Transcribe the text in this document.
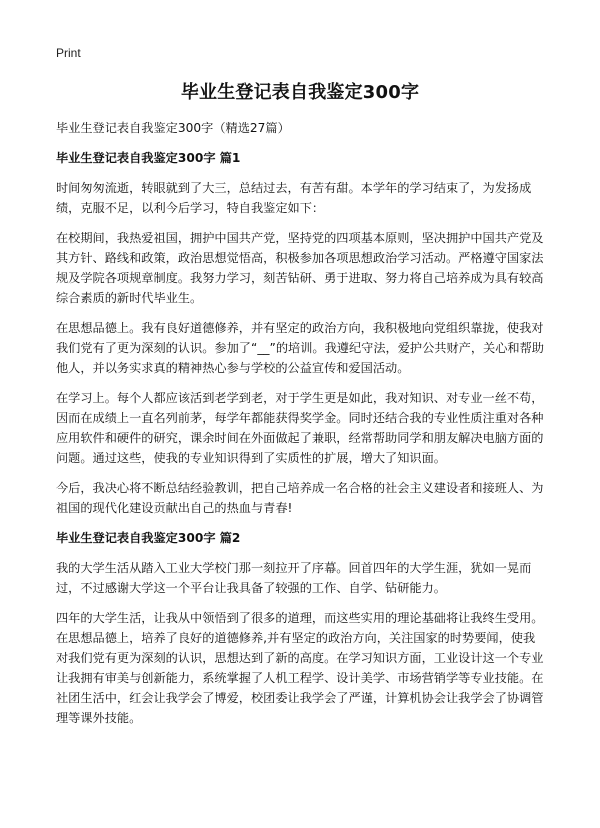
Print
毕业生登记表自我鉴定300字

毕业生登记表自我鉴定300字（精选27篇）

毕业生登记表自我鉴定300字 篇1

时间匆匆流逝，转眼就到了大三，总结过去，有苦有甜。本学年的学习结束了，为发扬成绩，克服不足，以利今后学习，特自我鉴定如下：

在校期间，我热爱祖国，拥护中国共产党，坚持党的四项基本原则，坚决拥护中国共产党及其方针、路线和政策，政治思想觉悟高，积极参加各项思想政治学习活动。严格遵守国家法规及学院各项规章制度。我努力学习，刻苦钻研、勇于进取、努力将自己培养成为具有较高综合素质的新时代毕业生。

在思想品德上。我有良好道德修养，并有坚定的政治方向，我积极地向党组织靠拢，使我对我们党有了更为深刻的认识。参加了“__”的培训。我遵纪守法，爱护公共财产，关心和帮助他人，并以务实求真的精神热心参与学校的公益宣传和爱国活动。

在学习上。每个人都应该活到老学到老，对于学生更是如此，我对知识、对专业一丝不苟，因而在成绩上一直名列前茅，每学年都能获得奖学金。同时还结合我的专业性质注重对各种应用软件和硬件的研究，课余时间在外面做起了兼职，经常帮助同学和朋友解决电脑方面的问题。通过这些，使我的专业知识得到了实质性的扩展，增大了知识面。

今后，我决心将不断总结经验教训，把自己培养成一名合格的社会主义建设者和接班人、为祖国的现代化建设贡献出自己的热血与青春!

毕业生登记表自我鉴定300字 篇2

我的大学生活从踏入工业大学校门那一刻拉开了序幕。回首四年的大学生涯，犹如一晃而过，不过感谢大学这一个平台让我具备了较强的工作、自学、钻研能力。

四年的大学生活，让我从中领悟到了很多的道理，而这些实用的理论基础将让我终生受用。在思想品德上，培养了良好的道德修养,并有坚定的政治方向，关注国家的时势要闻，使我对我们党有更为深刻的认识，思想达到了新的高度。在学习知识方面，工业设计这一个专业让我拥有审美与创新能力，系统掌握了人机工程学、设计美学、市场营销学等专业技能。在社团生活中，红会让我学会了博爱，校团委让我学会了严谨，计算机协会让我学会了协调管理等课外技能。
